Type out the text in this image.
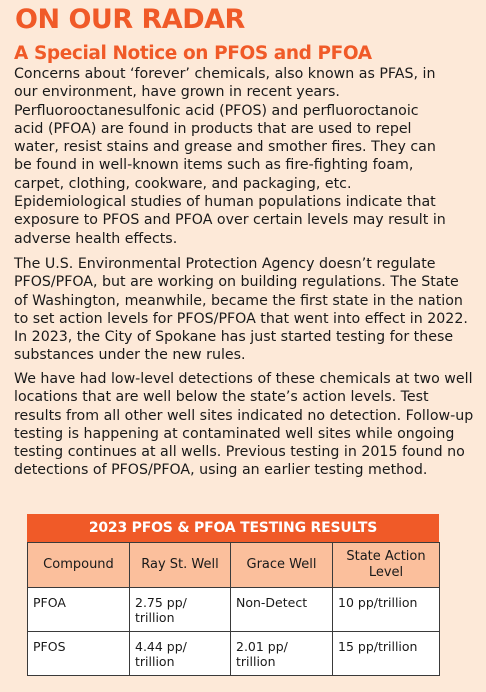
ON OUR RADAR
A Special Notice on PFOS and PFOA

Concerns about ‘forever’ chemicals, also known as PFAS, in our environment, have grown in recent years. Perfluorooctanesulfonic acid (PFOS) and perfluoroctanoic acid (PFOA) are found in products that are used to repel water, resist stains and grease and smother fires. They can be found in well-known items such as fire-fighting foam, carpet, clothing, cookware, and packaging, etc. Epidemiological studies of human populations indicate that exposure to PFOS and PFOA over certain levels may result in adverse health effects.

The U.S. Environmental Protection Agency doesn’t regulate PFOS/PFOA, but are working on building regulations. The State of Washington, meanwhile, became the first state in the nation to set action levels for PFOS/PFOA that went into effect in 2022. In 2023, the City of Spokane has just started testing for these substances under the new rules.

We have had low-level detections of these chemicals at two well locations that are well below the state’s action levels. Test results from all other well sites indicated no detection. Follow-up testing is happening at contaminated well sites while ongoing testing continues at all wells. Previous testing in 2015 found no detections of PFOS/PFOA, using an earlier testing method.

2023 PFOS & PFOA TESTING RESULTS
Compound	Ray St. Well	Grace Well	State Action Level
PFOA	2.75 pp/ trillion	Non-Detect	10 pp/trillion
PFOS	4.44 pp/ trillion	2.01 pp/ trillion	15 pp/trillion
